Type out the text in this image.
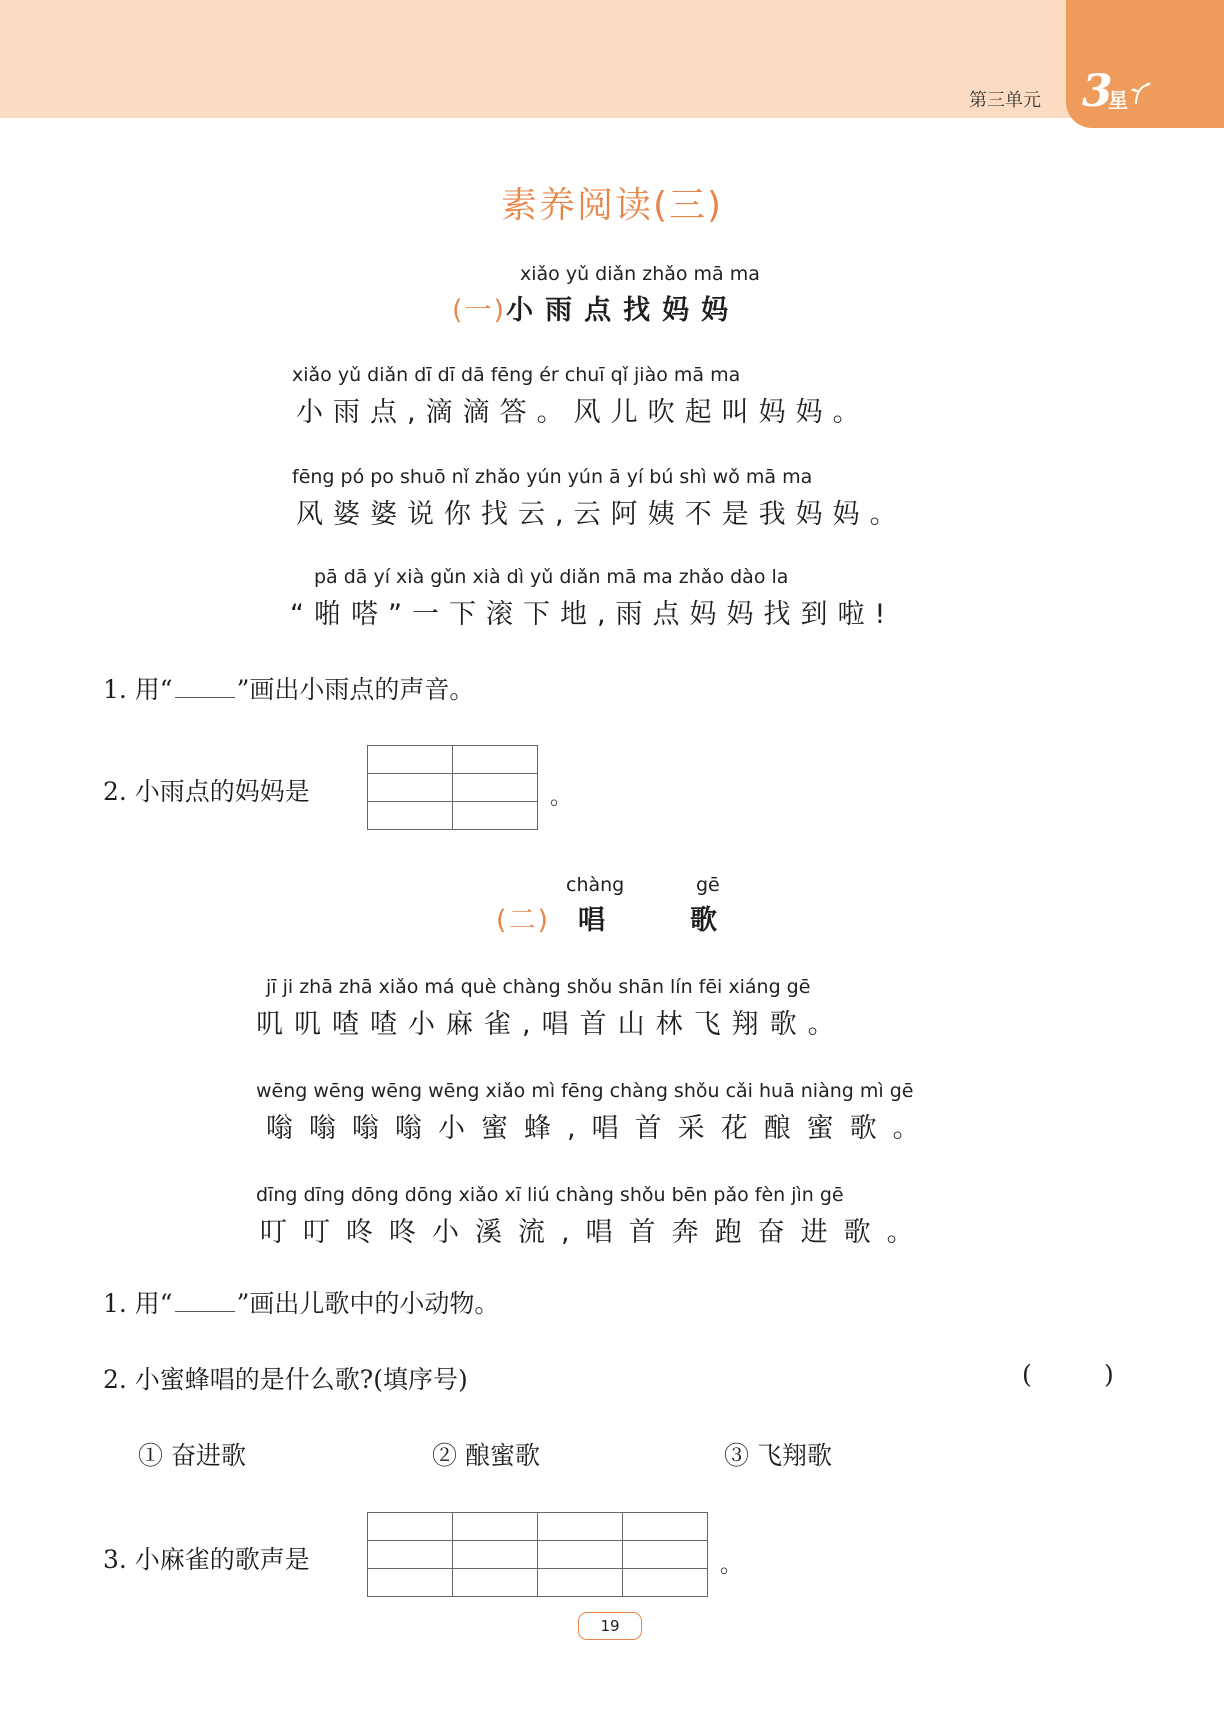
第三单元 3
星
素养阅读(三)
xiǎo yǔ diǎn zhǎo mā ma
(一)小雨点找妈妈
xiǎo yǔ diǎn dī dī dā fēng ér chuī qǐ jiào mā ma
小雨点,滴滴答。风儿吹起叫妈妈。
fēng pó po shuō nǐ zhǎo yún yún ā yí bú shì wǒ mā ma
风婆婆说你找云,云阿姨不是我妈妈。
pā dā yí xià gǔn xià dì yǔ diǎn mā ma zhǎo dào la
“啪嗒”一下滚下地,雨点妈妈找到啦!
1. 用“	”画出小雨点的声音。
2. 小雨点的妈妈是

		。
chàng	gē
(二) 唱	歌
jī ji zhā zhā xiǎo má què chàng shǒu shān lín fēi xiáng gē
叽叽喳喳小麻雀,唱首山林飞翔歌。
wēng wēng wēng wēng xiǎo mì fēng chàng shǒu cǎi huā niàng mì gē
嗡嗡嗡嗡小蜜蜂,唱首采花酿蜜歌。
dīng dīng dōng dōng xiǎo xī liú chàng shǒu bēn pǎo fèn jìn gē
叮叮咚咚小溪流,唱首奔跑奋进歌。
1. 用“	”画出儿歌中的小动物。
2. 小蜜蜂唱的是什么歌?(填序号)	(	)
① 奋进歌	② 酿蜜歌	③ 飞翔歌
3. 小麻雀的歌声是

				。
19
